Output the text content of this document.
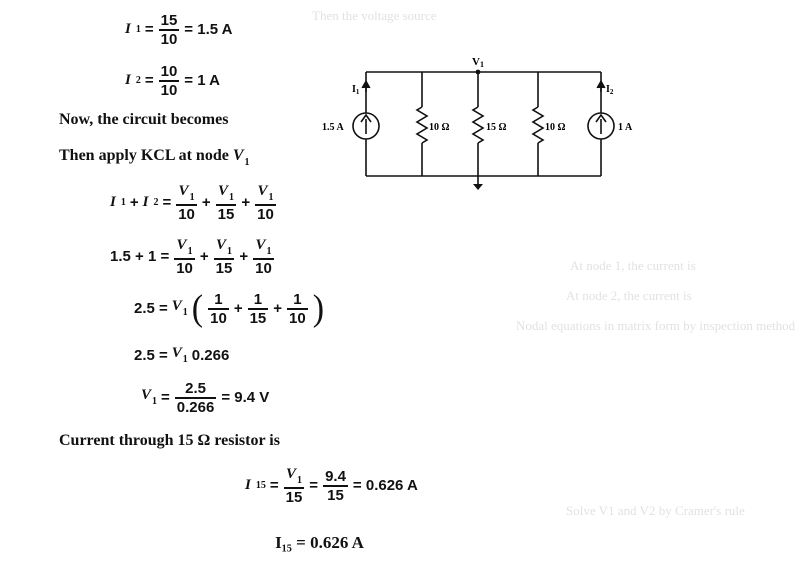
Then the voltage source
At node 1, the current is
At node 2, the current is
Nodal equations in matrix form by inspection method
Solve V1 and V2 by Cramer's rule
I $1 = \frac{15}{10} = 1.5$ A
I $2 = \frac{10}{10} = 1$ A
Now, the circuit becomes
Then apply KCL at node $V_1$
I 1 + I $2 = \frac{V_1}{10} + \frac{V_1}{15} + \frac{V_1}{10}$
$1.5 + 1 = \frac{V_1}{10} + \frac{V_1}{15} + \frac{V_1}{10}$
$2.5 = V_1$ ( $\frac{1}{10} + \frac{1}{15} + \frac{1}{10}$ )
$2.5 = V_1$ 0.266
$V_1 = \frac{2.5}{0.266} = 9.4$ V
Current through 15 Ω resistor is
I $15 = \frac{V_1}{15} = \frac{9.4}{15} = 0.626$ A
I₁₅ = 0.626 A
V1
$I_1$	$I_2$
1.5 A	1 A
10 Ω	15 Ω	10 Ω
